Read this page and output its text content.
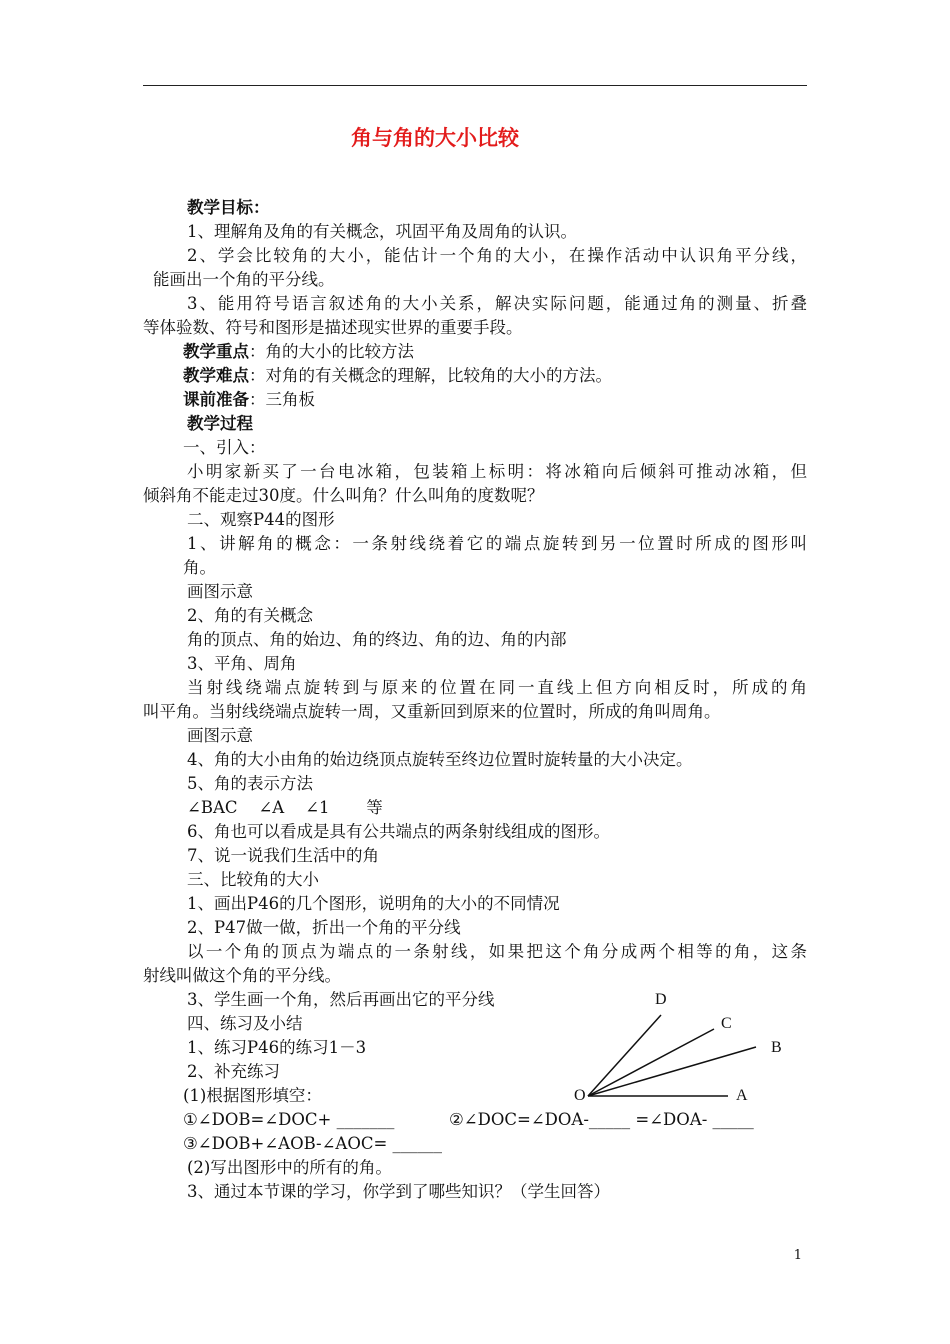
角与角的大小比较
教学目标：
1、理解角及角的有关概念，巩固平角及周角的认识。
2、学会比较角的大小，能估计一个角的大小，在操作活动中认识角平分线，
能画出一个角的平分线。
3、能用符号语言叙述角的大小关系，解决实际问题，能通过角的测量、折叠
等体验数、符号和图形是描述现实世界的重要手段。
教学重点：角的大小的比较方法
教学难点：对角的有关概念的理解，比较角的大小的方法。
课前准备：三角板
教学过程
一、引入：
小明家新买了一台电冰箱，包装箱上标明：将冰箱向后倾斜可推动冰箱，但
倾斜角不能走过30度。什么叫角？什么叫角的度数呢？
二、观察P44的图形
1、讲解角的概念：一条射线绕着它的端点旋转到另一位置时所成的图形叫
角。
画图示意
2、角的有关概念
角的顶点、角的始边、角的终边、角的边、角的内部
3、平角、周角
当射线绕端点旋转到与原来的位置在同一直线上但方向相反时，所成的角
叫平角。当射线绕端点旋转一周，又重新回到原来的位置时，所成的角叫周角。
画图示意
4、角的大小由角的始边绕顶点旋转至终边位置时旋转量的大小决定。
5、角的表示方法
∠BAC    ∠A    ∠1       等
6、角也可以看成是具有公共端点的两条射线组成的图形。
7、说一说我们生活中的角
三、比较角的大小
1、画出P46的几个图形，说明角的大小的不同情况
2、P47做一做，折出一个角的平分线
以一个角的顶点为端点的一条射线，如果把这个角分成两个相等的角，这条
射线叫做这个角的平分线。
3、学生画一个角，然后再画出它的平分线
四、练习及小结
1、练习P46的练习1－3
2、补充练习
(1)根据图形填空：
①∠DOB=∠DOC+ _______	②∠DOC=∠DOA-_____ =∠DOA- _____
③∠DOB+∠AOB-∠AOC= ______
(2)写出图形中的所有的角。
3、通过本节课的学习，你学到了哪些知识？（学生回答）
D
C
B
O	A
1
